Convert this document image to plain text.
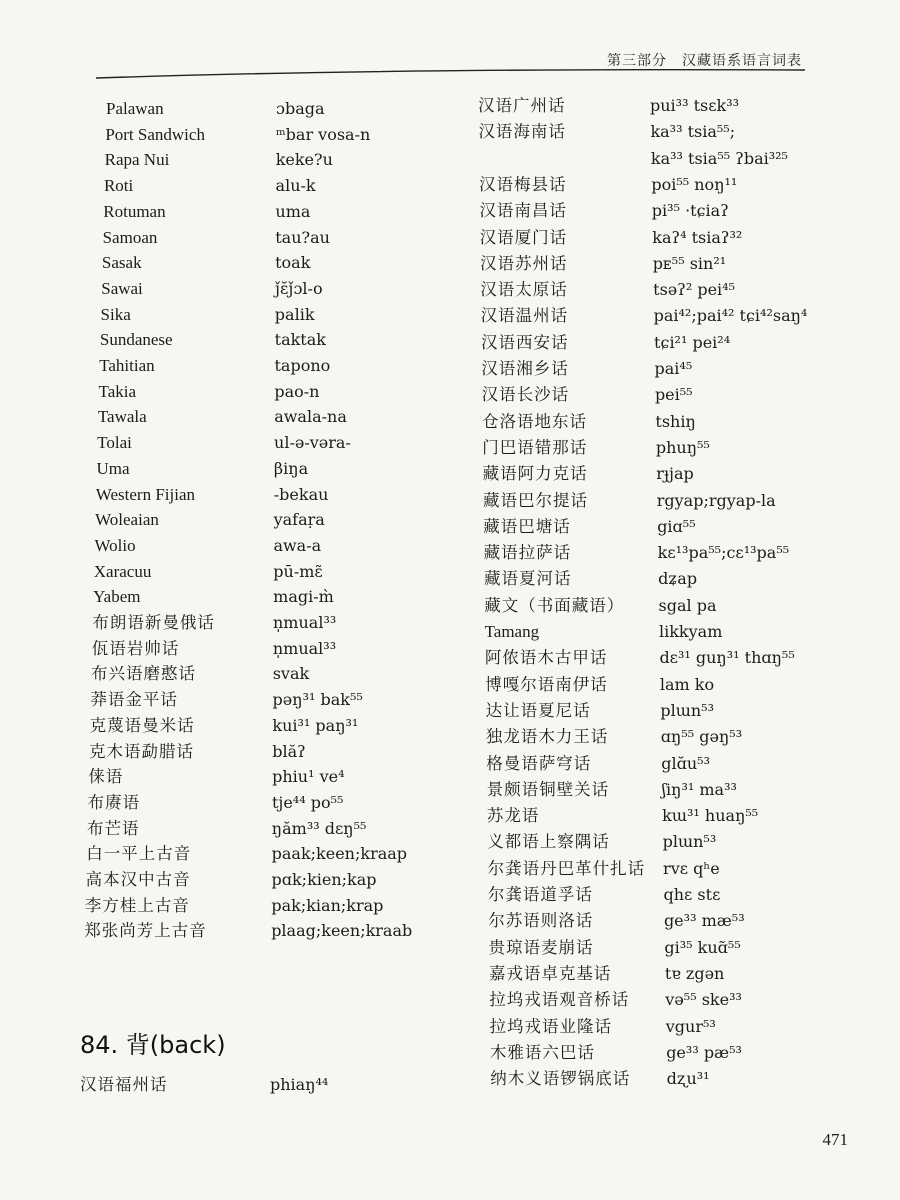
第三部分　汉藏语系语言词表
Palawan	ɔbaga
Port Sandwich	ᵐbar vosa-n
Rapa Nui	keke?u
Roti	alu-k
Rotuman	uma
Samoan	tau?au
Sasak	toak
Sawai	ǰɛ̆ǰɔl-o
Sika	palik
Sundanese	taktak
Tahitian	tapono
Takia	pao-n
Tawala	awala-na
Tolai	ul-ə-vəra-
Uma	βiŋa
Western Fijian	-bekau
Woleaian	yafaṛa
Wolio	awa-a
Xaracuu	pū-mɛ̃
Yabem	magi-m̀
布朗语新曼俄话	n̩mual³³
佤语岩帅话	n̩mual³³
布兴语磨憨话	svak
莽语金平话	pəŋ³¹ bak⁵⁵
克蔑语曼米话	kui³¹ paŋ³¹
克木语勐腊话	blăʔ
俫语	phiu¹ ve⁴
布赓语	tje⁴⁴ po⁵⁵
布芒语	ŋăm³³ dɛŋ⁵⁵
白一平上古音	paak;keen;kraap
高本汉中古音	pɑk;kien;kap
李方桂上古音	pak;kian;krap
郑张尚芳上古音	plaag;keen;kraab
汉语广州话	pui³³ tsɛk³³
汉语海南话	ka³³ tsia⁵⁵;
ka³³ tsia⁵⁵ ʔbai³²⁵
汉语梅县话	poi⁵⁵ noŋ¹¹
汉语南昌话	pi³⁵ ·tɕiaʔ
汉语厦门话	kaʔ⁴ tsiaʔ³²
汉语苏州话	pᴇ⁵⁵ sin²¹
汉语太原话	tsəʔ² pei⁴⁵
汉语温州话	pai⁴²;pai⁴² tɕi⁴²saŋ⁴
汉语西安话	tɕi²¹ pei²⁴
汉语湘乡话	pai⁴⁵
汉语长沙话	pei⁵⁵
仓洛语地东话	tshiŋ
门巴语错那话	phuŋ⁵⁵
藏语阿力克话	rɟjap
藏语巴尔提话	rgyap;rgyap-la
藏语巴塘话	giɑ⁵⁵
藏语拉萨话	kɛ¹³pa⁵⁵;cɛ¹³pa⁵⁵
藏语夏河话	dʑap
藏文（书面藏语） sgal pa
Tamang	likkyam
阿侬语木古甲话	dɛ³¹ guŋ³¹ thɑŋ⁵⁵
博嘎尔语南伊话	lam ko
达让语夏尼话	plɯn⁵³
独龙语木力王话	ɑŋ⁵⁵ gəŋ⁵³
格曼语萨穹话	glɑ̆u⁵³
景颇语铜壁关话	ʃiŋ³¹ ma³³
苏龙语	kɯ³¹ huaŋ⁵⁵
义都语上察隅话	plɯn⁵³
尔龚语丹巴革什扎话 rvɛ qʰe
尔龚语道孚话	qhɛ stɛ
尔苏语则洛话	ge³³ mæ⁵³
贵琼语麦崩话	gi³⁵ kuɑ̃⁵⁵
嘉戎语卓克基话	tɐ zgən
拉坞戎语观音桥话 və⁵⁵ ske³³
拉坞戎语业隆话	vgur⁵³
木雅语六巴话	ge³³ pæ⁵³
纳木义语锣锅底话 dʐu³¹
84. 背(back)
汉语福州话	phiaŋ⁴⁴
471
